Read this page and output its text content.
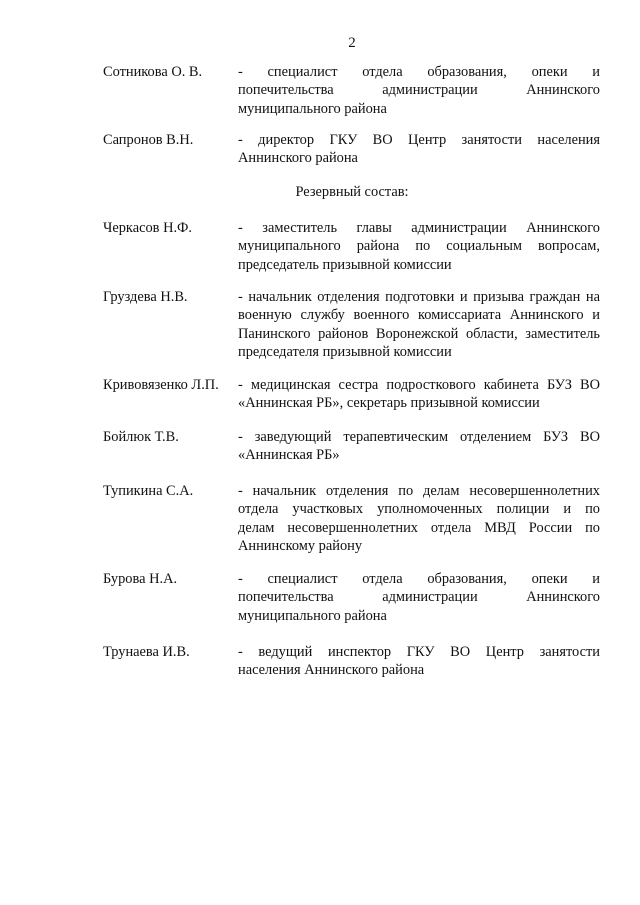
2
Сотникова О. В.	- специалист отдела образования, опеки и
попечительства администрации Аннинского
муниципального района
Сапронов В.Н.	- директор ГКУ ВО Центр занятости населения
Аннинского района
Резервный состав:
Черкасов Н.Ф.	- заместитель главы администрации Аннинского
муниципального района по социальным вопросам,
председатель призывной комиссии
Груздева Н.В.	- начальник отделения подготовки и призыва граждан на
военную службу военного комиссариата Аннинского и
Панинского районов Воронежской области, заместитель
председателя призывной комиссии
Кривовязенко Л.П.	- медицинская сестра подросткового кабинета БУЗ ВО
«Аннинская РБ», секретарь призывной комиссии
Бойлюк Т.В.	- заведующий терапевтическим отделением БУЗ ВО
«Аннинская РБ»
Тупикина С.А.	- начальник отделения по делам несовершеннолетних
отдела участковых уполномоченных полиции и по
делам несовершеннолетних отдела МВД России по
Аннинскому району
Бурова Н.А.	- специалист отдела образования, опеки и
попечительства администрации Аннинского
муниципального района
Трунаева И.В.	- ведущий инспектор ГКУ ВО Центр занятости
населения Аннинского района
